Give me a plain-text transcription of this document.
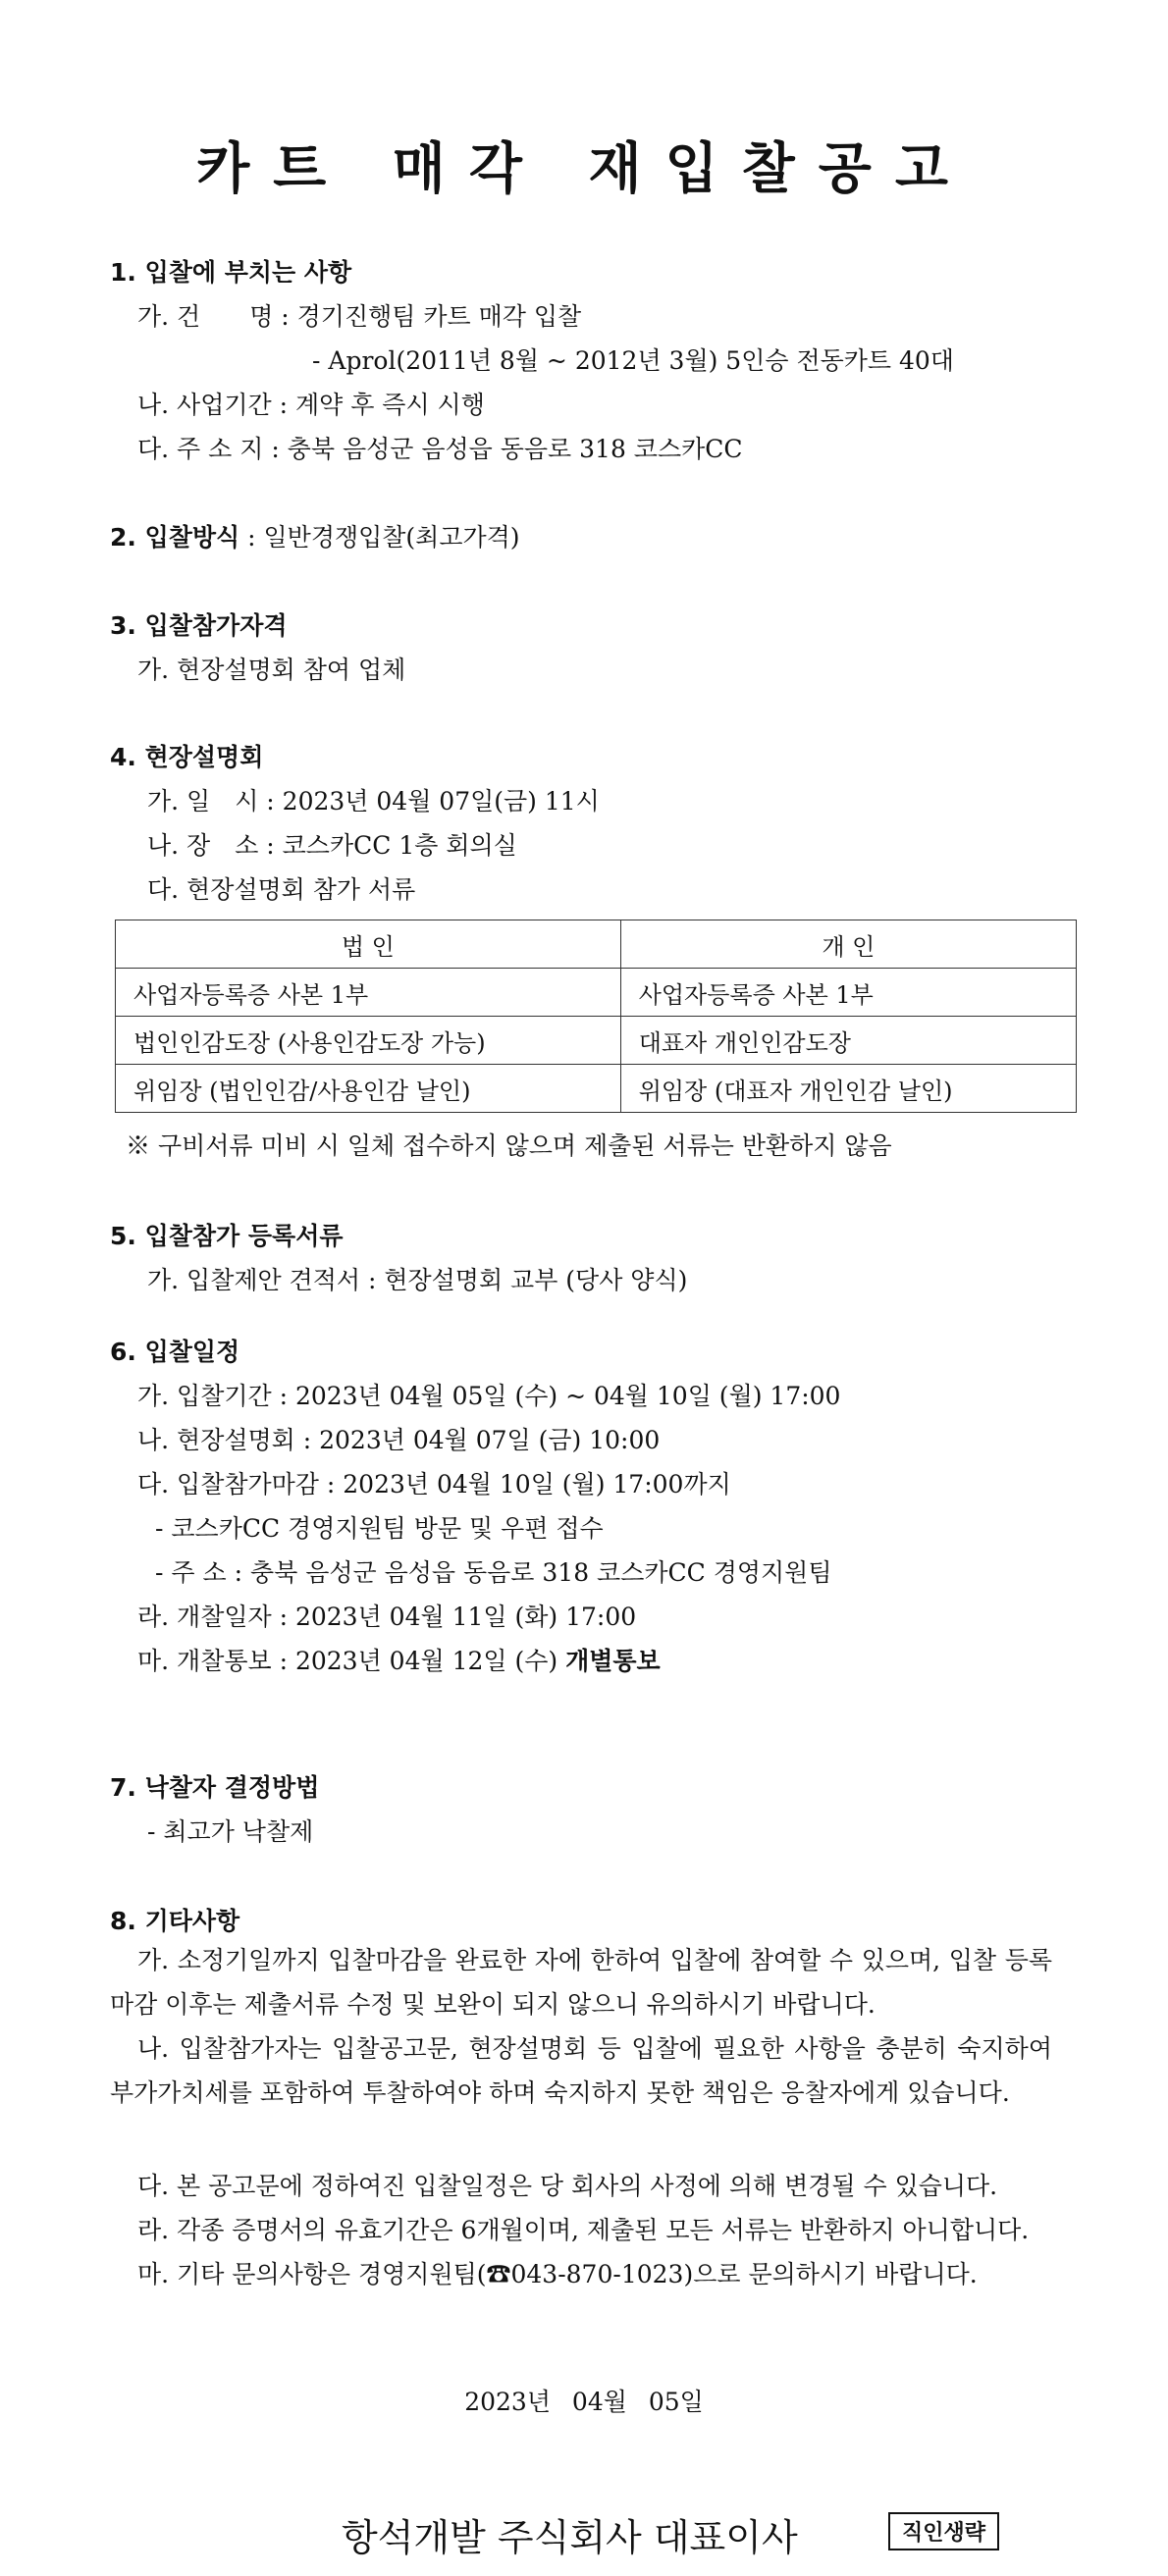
카트 매각 재입찰공고
1. 입찰에 부치는 사항
가. 건　　명 : 경기진행팀 카트 매각 입찰
- Aprol(2011년 8월 ~ 2012년 3월) 5인승 전동카트 40대
나. 사업기간 : 계약 후 즉시 시행
다. 주 소 지 : 충북 음성군 음성읍 동음로 318 코스카CC
2. 입찰방식 : 일반경쟁입찰(최고가격)
3. 입찰참가자격
가. 현장설명회 참여 업체
4. 현장설명회
가. 일　시 : 2023년 04월 07일(금) 11시
나. 장　소 : 코스카CC 1층 회의실
다. 현장설명회 참가 서류
법 인	개 인
사업자등록증 사본 1부	사업자등록증 사본 1부
법인인감도장 (사용인감도장 가능)	대표자 개인인감도장
위임장 (법인인감/사용인감 날인)	위임장 (대표자 개인인감 날인)
※ 구비서류 미비 시 일체 접수하지 않으며 제출된 서류는 반환하지 않음
5. 입찰참가 등록서류
가. 입찰제안 견적서 : 현장설명회 교부 (당사 양식)
6. 입찰일정
가. 입찰기간 : 2023년 04월 05일 (수) ~ 04월 10일 (월) 17:00
나. 현장설명회 : 2023년 04월 07일 (금) 10:00
다. 입찰참가마감 : 2023년 04월 10일 (월) 17:00까지
- 코스카CC 경영지원팀 방문 및 우편 접수
- 주 소 : 충북 음성군 음성읍 동음로 318 코스카CC 경영지원팀
라. 개찰일자 : 2023년 04월 11일 (화) 17:00
마. 개찰통보 : 2023년 04월 12일 (수) 개별통보
7. 낙찰자 결정방법
- 최고가 낙찰제
8. 기타사항
가. 소정기일까지 입찰마감을 완료한 자에 한하여 입찰에 참여할 수 있으며, 입찰 등록마감 이후는 제출서류 수정 및 보완이 되지 않으니 유의하시기 바랍니다.
나. 입찰참가자는 입찰공고문, 현장설명회 등 입찰에 필요한 사항을 충분히 숙지하여 부가가치세를 포함하여 투찰하여야 하며 숙지하지 못한 책임은 응찰자에게 있습니다.
다. 본 공고문에 정하여진 입찰일정은 당 회사의 사정에 의해 변경될 수 있습니다.
라. 각종 증명서의 유효기간은 6개월이며, 제출된 모든 서류는 반환하지 아니합니다.
마. 기타 문의사항은 경영지원팀(☎043-870-1023)으로 문의하시기 바랍니다.
2023년 04월 05일
항석개발 주식회사 대표이사	직인생략
